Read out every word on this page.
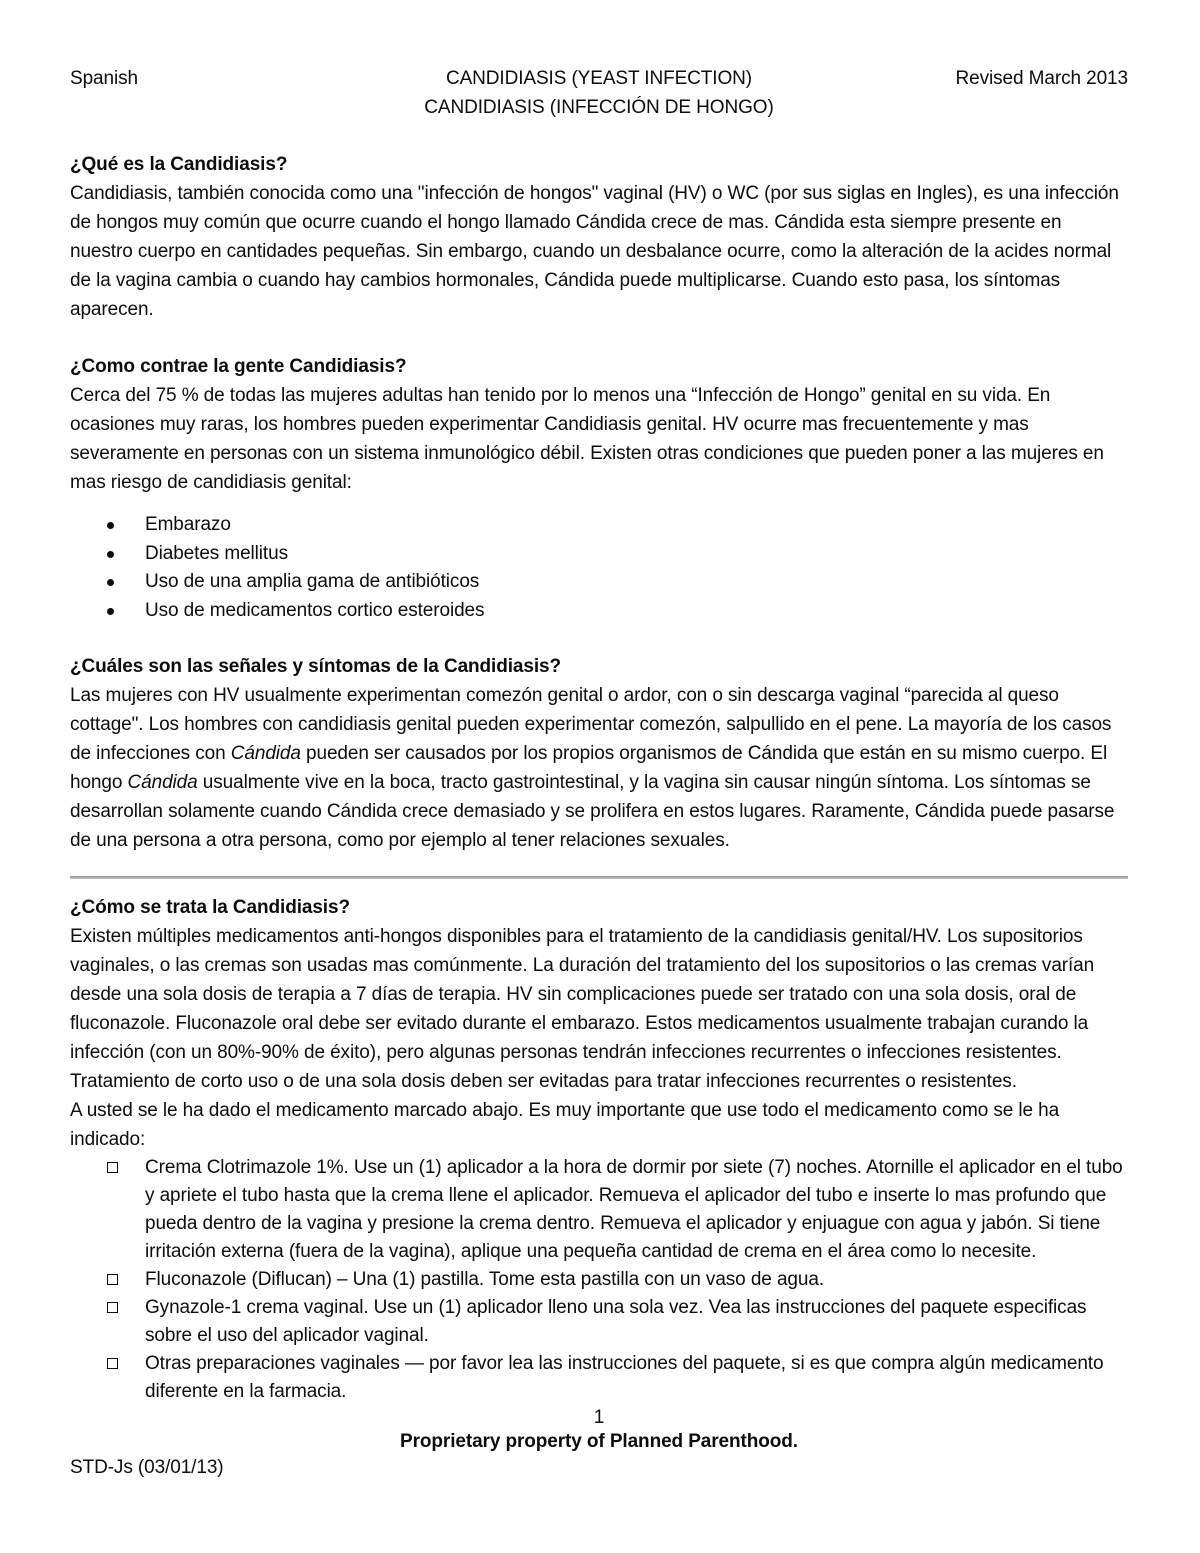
Spanish	CANDIDIASIS (YEAST INFECTION)	Revised March 2013
CANDIDIASIS (INFECCIÓN DE HONGO)
¿Qué es la Candidiasis?

Candidiasis, también conocida como una "infección de hongos" vaginal (HV) o WC (por sus siglas en Ingles), es una infección de hongos muy común que ocurre cuando el hongo llamado Cándida crece de mas. Cándida esta siempre presente en nuestro cuerpo en cantidades pequeñas. Sin embargo, cuando un desbalance ocurre, como la alteración de la acides normal de la vagina cambia o cuando hay cambios hormonales, Cándida puede multiplicarse. Cuando esto pasa, los síntomas aparecen.

¿Como contrae la gente Candidiasis?

Cerca del 75 % de todas las mujeres adultas han tenido por lo menos una “Infección de Hongo” genital en su vida. En ocasiones muy raras, los hombres pueden experimentar Candidiasis genital. HV ocurre mas frecuentemente y mas severamente en personas con un sistema inmunológico débil. Existen otras condiciones que pueden poner a las mujeres en mas riesgo de candidiasis genital:

Embarazo
Diabetes mellitus
Uso de una amplia gama de antibióticos
Uso de medicamentos cortico esteroides
¿Cuáles son las señales y síntomas de la Candidiasis?

Las mujeres con HV usualmente experimentan comezón genital o ardor, con o sin descarga vaginal “parecida al queso cottage". Los hombres con candidiasis genital pueden experimentar comezón, salpullido en el pene. La mayoría de los casos de infecciones con Cándida pueden ser causados por los propios organismos de Cándida que están en su mismo cuerpo. El hongo Cándida usualmente vive en la boca, tracto gastrointestinal, y la vagina sin causar ningún síntoma. Los síntomas se desarrollan solamente cuando Cándida crece demasiado y se prolifera en estos lugares. Raramente, Cándida puede pasarse de una persona a otra persona, como por ejemplo al tener relaciones sexuales.

¿Cómo se trata la Candidiasis?

Existen múltiples medicamentos anti-hongos disponibles para el tratamiento de la candidiasis genital/HV. Los supositorios vaginales, o las cremas son usadas mas comúnmente. La duración del tratamiento del los supositorios o las cremas varían desde una sola dosis de terapia a 7 días de terapia. HV sin complicaciones puede ser tratado con una sola dosis, oral de fluconazole. Fluconazole oral debe ser evitado durante el embarazo. Estos medicamentos usualmente trabajan curando la infección (con un 80%-90% de éxito), pero algunas personas tendrán infecciones recurrentes o infecciones resistentes. Tratamiento de corto uso o de una sola dosis deben ser evitadas para tratar infecciones recurrentes o resistentes.

A usted se le ha dado el medicamento marcado abajo. Es muy importante que use todo el medicamento como se le ha indicado:

Crema Clotrimazole 1%. Use un (1) aplicador a la hora de dormir por siete (7) noches. Atornille el aplicador en el tubo y apriete el tubo hasta que la crema llene el aplicador. Remueva el aplicador del tubo e inserte lo mas profundo que pueda dentro de la vagina y presione la crema dentro. Remueva el aplicador y enjuague con agua y jabón. Si tiene irritación externa (fuera de la vagina), aplique una pequeña cantidad de crema en el área como lo necesite.
Fluconazole (Diflucan) – Una (1) pastilla. Tome esta pastilla con un vaso de agua.
Gynazole-1 crema vaginal. Use un (1) aplicador lleno una sola vez. Vea las instrucciones del paquete especificas sobre el uso del aplicador vaginal.
Otras preparaciones vaginales — por favor lea las instrucciones del paquete, si es que compra algún medicamento diferente en la farmacia.
1
Proprietary property of Planned Parenthood.
STD-Js (03/01/13)
